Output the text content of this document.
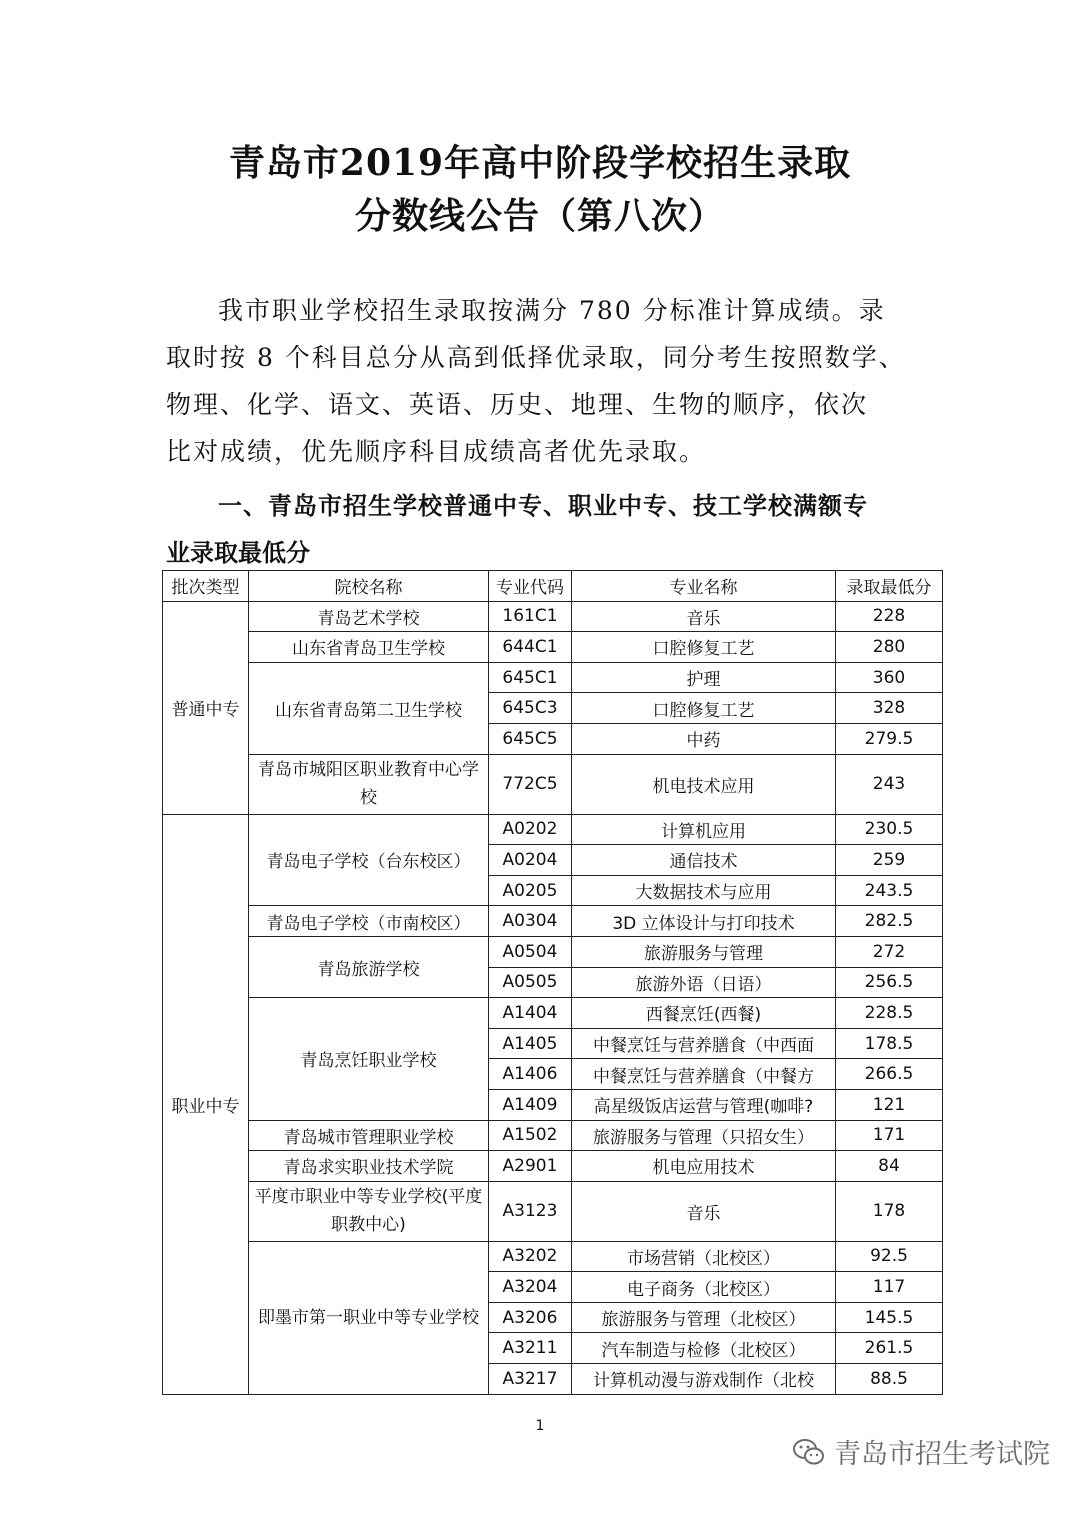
青岛市2019年高中阶段学校招生录取
分数线公告（第八次）
我市职业学校招生录取按满分 780 分标准计算成绩。录
取时按 8 个科目总分从高到低择优录取，同分考生按照数学、
物理、化学、语文、英语、历史、地理、生物的顺序，依次
比对成绩，优先顺序科目成绩高者优先录取。
一、青岛市招生学校普通中专、职业中专、技工学校满额专
业录取最低分
批次类型	院校名称	专业代码	专业名称	录取最低分
普通中专	青岛艺术学校	161C1	音乐	228
	山东省青岛卫生学校	644C1	口腔修复工艺	280
	山东省青岛第二卫生学校	645C1	护理	360
		645C3	口腔修复工艺	328
		645C5	中药	279.5
	青岛市城阳区职业教育中心学校	772C5	机电技术应用	243
职业中专	青岛电子学校（台东校区）	A0202	计算机应用	230.5
		A0204	通信技术	259
		A0205	大数据技术与应用	243.5
	青岛电子学校（市南校区）	A0304	3D 立体设计与打印技术	282.5
	青岛旅游学校	A0504	旅游服务与管理	272
		A0505	旅游外语（日语）	256.5
	青岛烹饪职业学校	A1404	西餐烹饪(西餐)	228.5
		A1405	中餐烹饪与营养膳食（中西面	178.5
		A1406	中餐烹饪与营养膳食（中餐方	266.5
		A1409	高星级饭店运营与管理(咖啡?	121
	青岛城市管理职业学校	A1502	旅游服务与管理（只招女生）	171
	青岛求实职业技术学院	A2901	机电应用技术	84
	平度市职业中等专业学校(平度职教中心)	A3123	音乐	178
	即墨市第一职业中等专业学校	A3202	市场营销（北校区）	92.5
		A3204	电子商务（北校区）	117
		A3206	旅游服务与管理（北校区）	145.5
		A3211	汽车制造与检修（北校区）	261.5
		A3217	计算机动漫与游戏制作（北校	88.5
1
青岛市招生考试院
